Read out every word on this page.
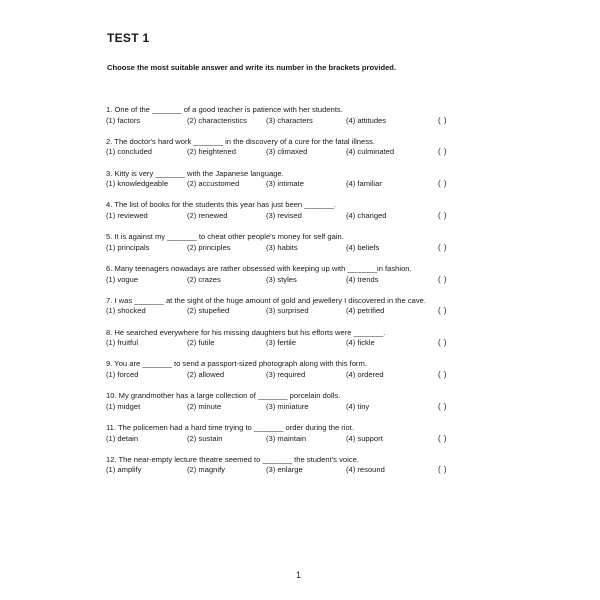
TEST 1
Choose the most suitable answer and write its number in the brackets provided.
1. One of the _______ of a good teacher is patience with her students.
(1) factors	(2) characteristics	(3) characters	(4) attitudes	( )
2. The doctor's hard work _______ in the discovery of a cure for the fatal illness.
(1) concluded	(2) heightened	(3) climaxed	(4) culminated	( )
3. Kitty is very _______ with the Japanese language.
(1) knowledgeable (2) accustomed	(3) intimate	(4) familiar	( )
4. The list of books for the students this year has just been _______.
(1) reviewed	(2) renewed	(3) revised	(4) changed	( )
5. It is against my _______ to cheat other people's money for self gain.
(1) principals	(2) principles	(3) habits	(4) beliefs	( )
6. Many teenagers nowadays are rather obsessed with keeping up with _______in fashion.
(1) vogue	(2) crazes	(3) styles	(4) trends	( )
7. I was _______ at the sight of the huge amount of gold and jewellery I discovered in the cave.
(1) shocked	(2) stupefied	(3) surprised	(4) petrified	( )
8. He searched everywhere for his missing daughters but his efforts were _______.
(1) fruitful	(2) futile	(3) fertile	(4) fickle	( )
9. You are _______ to send a passport-sized photograph along with this form.
(1) forced	(2) allowed	(3) required	(4) ordered	( )
10. My grandmother has a large collection of _______ porcelain dolls.
(1) midget	(2) minute	(3) miniature	(4) tiny	( )
11. The policemen had a hard time trying to _______ order during the riot.
(1) detain	(2) sustain	(3) maintain	(4) support	( )
12. The near-empty lecture theatre seemed to _______ the student's voice.
(1) amplify	(2) magnify	(3) enlarge	(4) resound	( )
1
